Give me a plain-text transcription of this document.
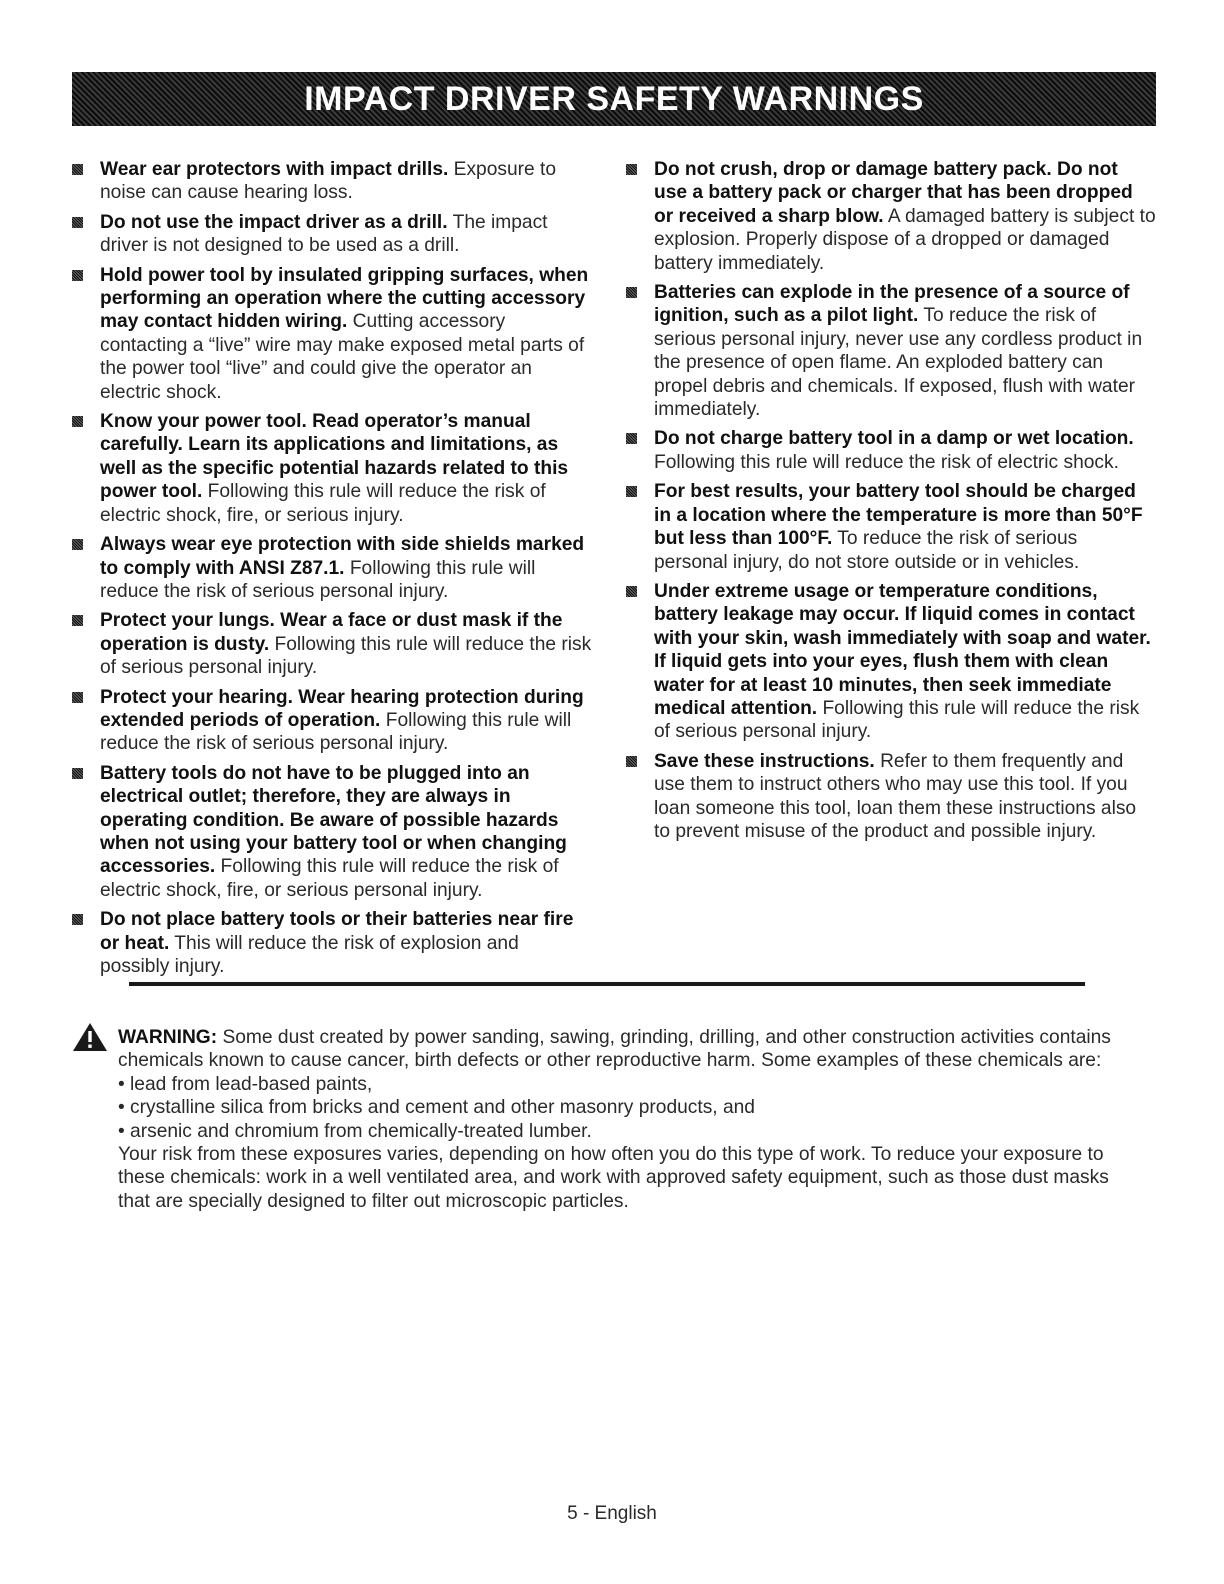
IMPACT DRIVER SAFETY WARNINGS
Wear ear protectors with impact drills. Exposure to noise can cause hearing loss.
Do not use the impact driver as a drill. The impact driver is not designed to be used as a drill.
Hold power tool by insulated gripping surfaces, when performing an operation where the cutting accessory may contact hidden wiring. Cutting accessory contacting a “live” wire may make exposed metal parts of the power tool “live” and could give the operator an electric shock.
Know your power tool. Read operator’s manual carefully. Learn its applications and limitations, as well as the specific potential hazards related to this power tool. Following this rule will reduce the risk of electric shock, fire, or serious injury.
Always wear eye protection with side shields marked to comply with ANSI Z87.1. Following this rule will reduce the risk of serious personal injury.
Protect your lungs. Wear a face or dust mask if the operation is dusty. Following this rule will reduce the risk of serious personal injury.
Protect your hearing. Wear hearing protection during extended periods of operation. Following this rule will reduce the risk of serious personal injury.
Battery tools do not have to be plugged into an electrical outlet; therefore, they are always in operating condition. Be aware of possible hazards when not using your battery tool or when changing accessories. Following this rule will reduce the risk of electric shock, fire, or serious personal injury.
Do not place battery tools or their batteries near fire or heat. This will reduce the risk of explosion and possibly injury.
Do not crush, drop or damage battery pack. Do not use a battery pack or charger that has been dropped or received a sharp blow. A damaged battery is subject to explosion. Properly dispose of a dropped or damaged battery immediately.
Batteries can explode in the presence of a source of ignition, such as a pilot light. To reduce the risk of serious personal injury, never use any cordless product in the presence of open flame. An exploded battery can propel debris and chemicals. If exposed, flush with water immediately.
Do not charge battery tool in a damp or wet location. Following this rule will reduce the risk of electric shock.
For best results, your battery tool should be charged in a location where the temperature is more than 50°F but less than 100°F. To reduce the risk of serious personal injury, do not store outside or in vehicles.
Under extreme usage or temperature conditions, battery leakage may occur. If liquid comes in contact with your skin, wash immediately with soap and water. If liquid gets into your eyes, flush them with clean water for at least 10 minutes, then seek immediate medical attention. Following this rule will reduce the risk of serious personal injury.
Save these instructions. Refer to them frequently and use them to instruct others who may use this tool. If you loan someone this tool, loan them these instructions also to prevent misuse of the product and possible injury.
WARNING: Some dust created by power sanding, sawing, grinding, drilling, and other construction activities contains chemicals known to cause cancer, birth defects or other reproductive harm. Some examples of these chemicals are:
• lead from lead-based paints,
• crystalline silica from bricks and cement and other masonry products, and
• arsenic and chromium from chemically-treated lumber.
Your risk from these exposures varies, depending on how often you do this type of work. To reduce your exposure to these chemicals: work in a well ventilated area, and work with approved safety equipment, such as those dust masks that are specially designed to filter out microscopic particles.
5 - English
